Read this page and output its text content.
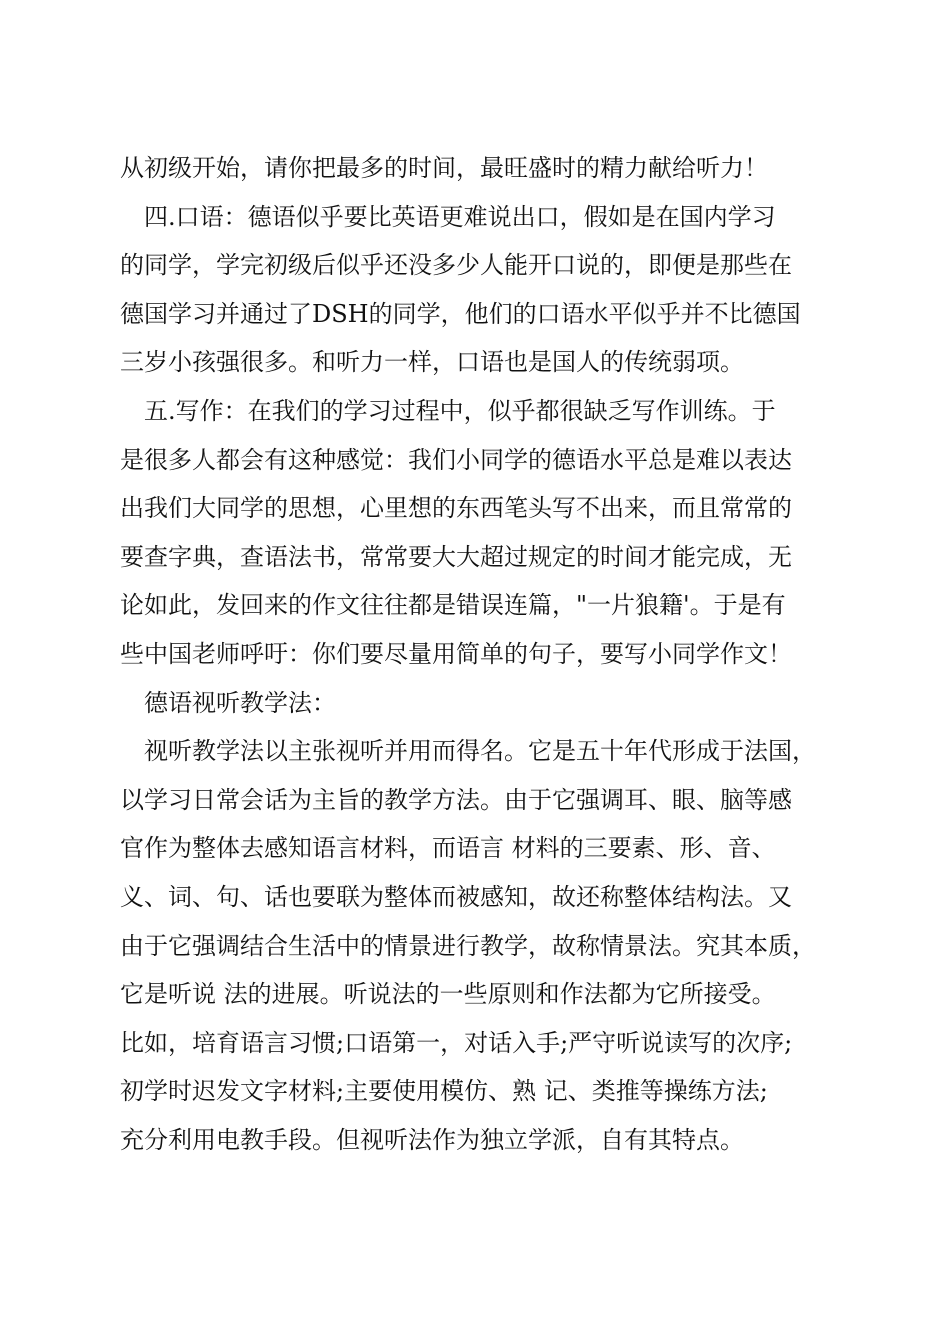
从初级开始，请你把最多的时间，最旺盛时的精力献给听力！
四.口语：德语似乎要比英语更难说出口，假如是在国内学习
的同学，学完初级后似乎还没多少人能开口说的，即便是那些在
德国学习并通过了DSH的同学，他们的口语水平似乎并不比德国
三岁小孩强很多。和听力一样，口语也是国人的传统弱项。
五.写作：在我们的学习过程中，似乎都很缺乏写作训练。于
是很多人都会有这种感觉：我们小同学的德语水平总是难以表达
出我们大同学的思想，心里想的东西笔头写不出来，而且常常的
要查字典，查语法书，常常要大大超过规定的时间才能完成，无
论如此，发回来的作文往往都是错误连篇，"一片狼籍'。于是有
些中国老师呼吁：你们要尽量用简单的句子，要写小同学作文！
德语视听教学法：
视听教学法以主张视听并用而得名。它是五十年代形成于法国，
以学习日常会话为主旨的教学方法。由于它强调耳、眼、脑等感
官作为整体去感知语言材料，而语言 材料的三要素、形、音、
义、词、句、话也要联为整体而被感知，故还称整体结构法。又
由于它强调结合生活中的情景进行教学，故称情景法。究其本质，
它是听说 法的进展。听说法的一些原则和作法都为它所接受。
比如，培育语言习惯;口语第一，对话入手;严守听说读写的次序;
初学时迟发文字材料;主要使用模仿、熟 记、类推等操练方法;
充分利用电教手段。但视听法作为独立学派，自有其特点。
